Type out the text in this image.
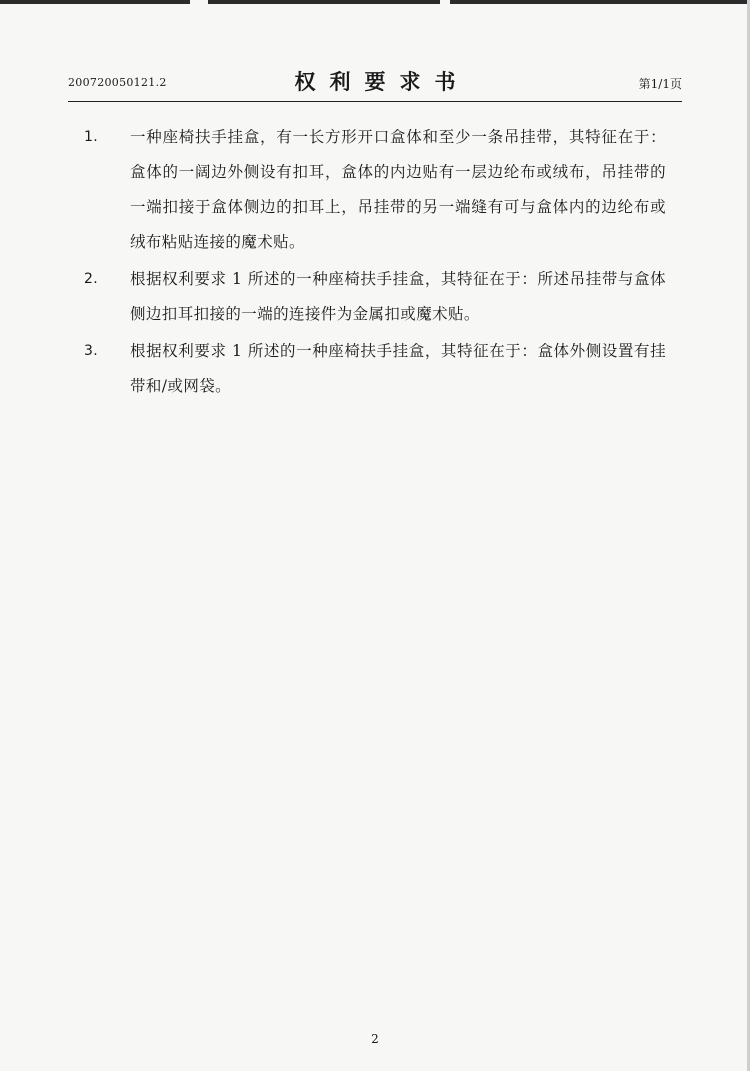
200720050121.2	权利要求书	第1/1页
1.	一种座椅扶手挂盒，有一长方形开口盒体和至少一条吊挂带，其特征在于：盒体的一阔边外侧设有扣耳，盒体的内边贴有一层边纶布或绒布，吊挂带的一端扣接于盒体侧边的扣耳上，吊挂带的另一端缝有可与盒体内的边纶布或绒布粘贴连接的魔术贴。
2.	根据权利要求 1 所述的一种座椅扶手挂盒，其特征在于：所述吊挂带与盒体侧边扣耳扣接的一端的连接件为金属扣或魔术贴。
3.	根据权利要求 1 所述的一种座椅扶手挂盒，其特征在于：盒体外侧设置有挂带和/或网袋。
2
